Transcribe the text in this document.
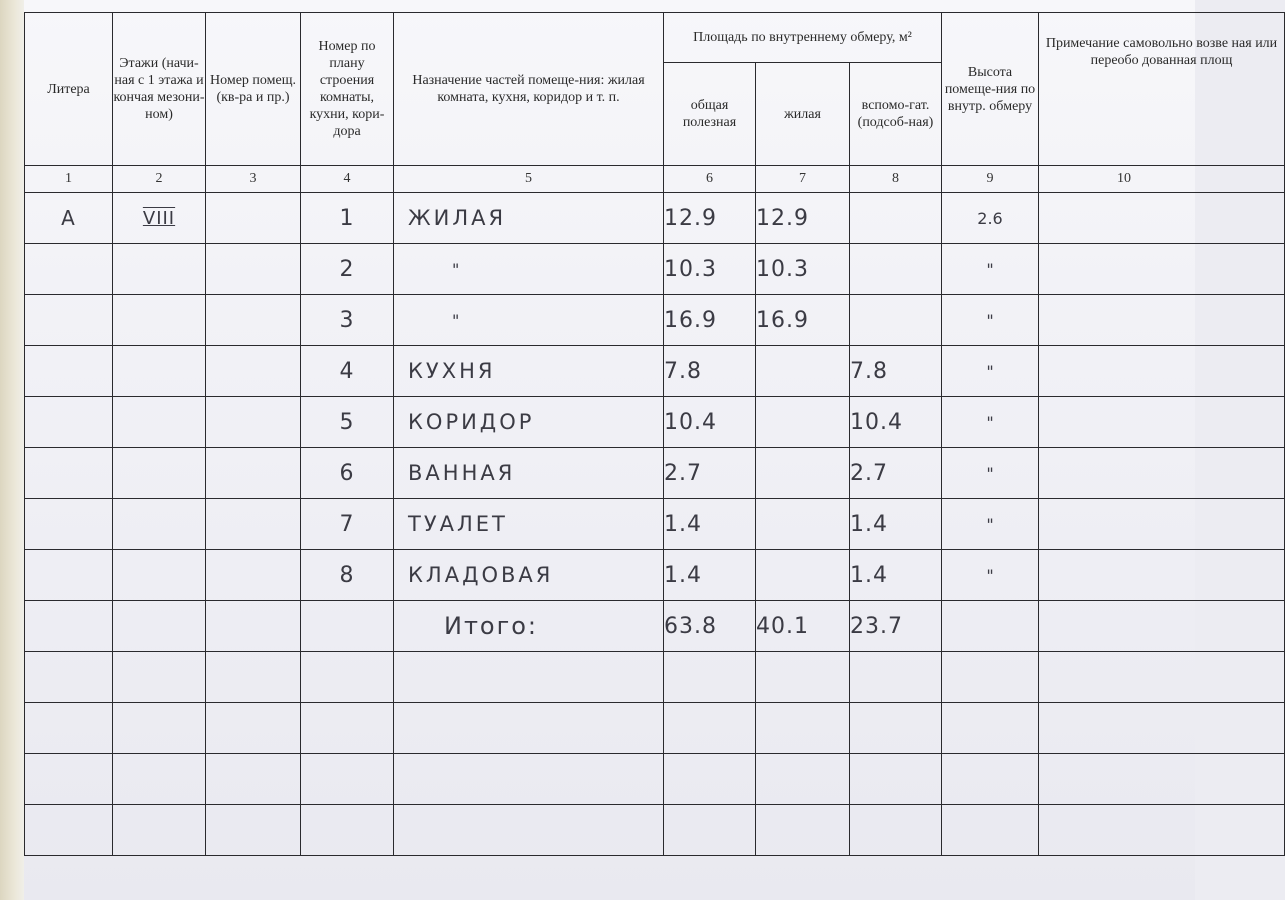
Литера	Этажи (начи-ная с 1 этажа и кончая мезони-ном)	Номер помещ. (кв-ра и пр.)	Номер по плану строения комнаты, кухни, кори-дора	Назначение частей помеще-ния: жилая комната, кухня, коридор и т. п.	Площадь по внутреннему обмеру, м²			Высота помеще-ния по внутр. обмеру	Примечание самовольно возве ная или переобо дованная площ
					общая полезная	жилая	вспомо-гат. (подсоб-ная)		
1	2	3	4	5	6	7	8	9	10
А	VIII		1	ЖИЛАЯ	12.9	12.9		2.6	
			2	"	10.3	10.3		"	
			3	"	16.9	16.9		"	
			4	КУХНЯ	7.8		7.8	"	
			5	КОРИДОР	10.4		10.4	"	
			6	ВАННАЯ	2.7		2.7	"	
			7	ТУАЛЕТ	1.4		1.4	"	
			8	КЛАДОВАЯ	1.4		1.4	"	
				Итого:	63.8	40.1	23.7		
